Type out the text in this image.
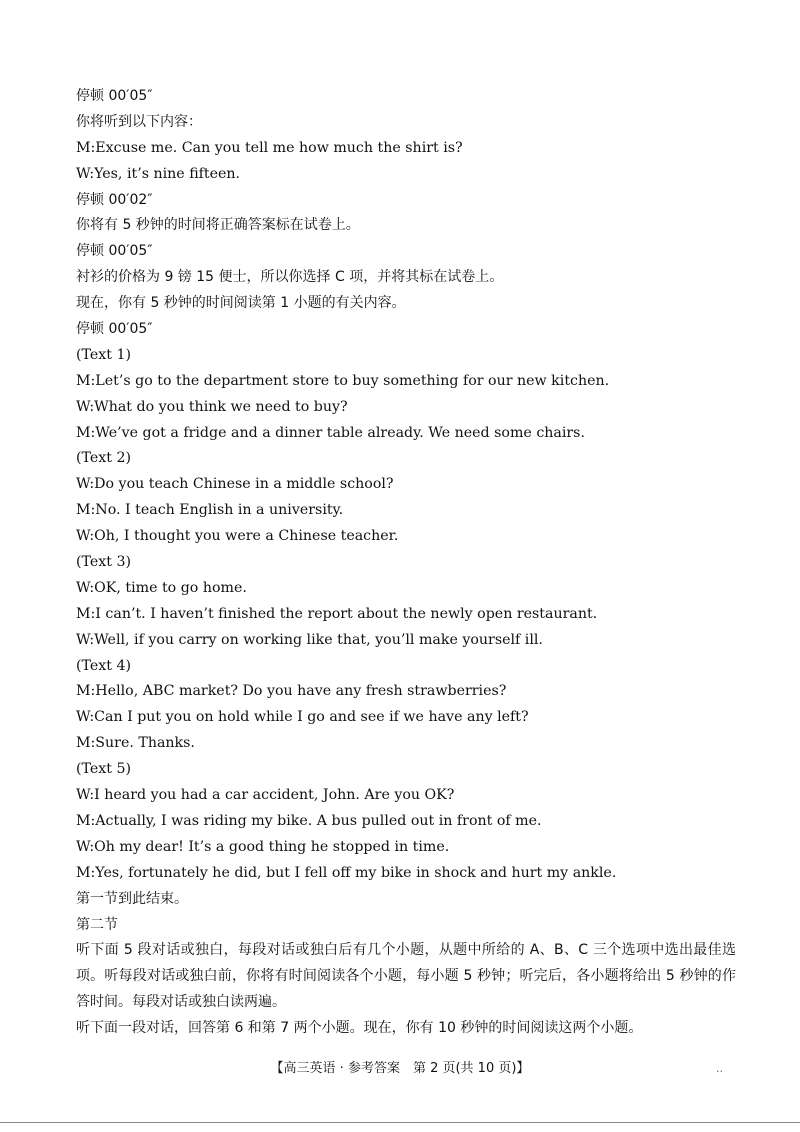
停顿 00′05″
你将听到以下内容：
M:Excuse me. Can you tell me how much the shirt is?
W:Yes, it’s nine fifteen.
停顿 00′02″
你将有 5 秒钟的时间将正确答案标在试卷上。
停顿 00′05″
衬衫的价格为 9 镑 15 便士，所以你选择 C 项，并将其标在试卷上。
现在，你有 5 秒钟的时间阅读第 1 小题的有关内容。
停顿 00′05″
(Text 1)
M:Let’s go to the department store to buy something for our new kitchen.
W:What do you think we need to buy?
M:We’ve got a fridge and a dinner table already. We need some chairs.
(Text 2)
W:Do you teach Chinese in a middle school?
M:No. I teach English in a university.
W:Oh, I thought you were a Chinese teacher.
(Text 3)
W:OK, time to go home.
M:I can’t. I haven’t finished the report about the newly open restaurant.
W:Well, if you carry on working like that, you’ll make yourself ill.
(Text 4)
M:Hello, ABC market? Do you have any fresh strawberries?
W:Can I put you on hold while I go and see if we have any left?
M:Sure. Thanks.
(Text 5)
W:I heard you had a car accident, John. Are you OK?
M:Actually, I was riding my bike. A bus pulled out in front of me.
W:Oh my dear! It’s a good thing he stopped in time.
M:Yes, fortunately he did, but I fell off my bike in shock and hurt my ankle.
第一节到此结束。
第二节
听下面 5 段对话或独白，每段对话或独白后有几个小题，从题中所给的 A、B、C 三个选项中选出最佳选项。听每段对话或独白前，你将有时间阅读各个小题，每小题 5 秒钟；听完后，各小题将给出 5 秒钟的作答时间。每段对话或独白读两遍。
听下面一段对话，回答第 6 和第 7 两个小题。现在，你有 10 秒钟的时间阅读这两个小题。
【高三英语 · 参考答案　第 2 页(共 10 页)】	..
